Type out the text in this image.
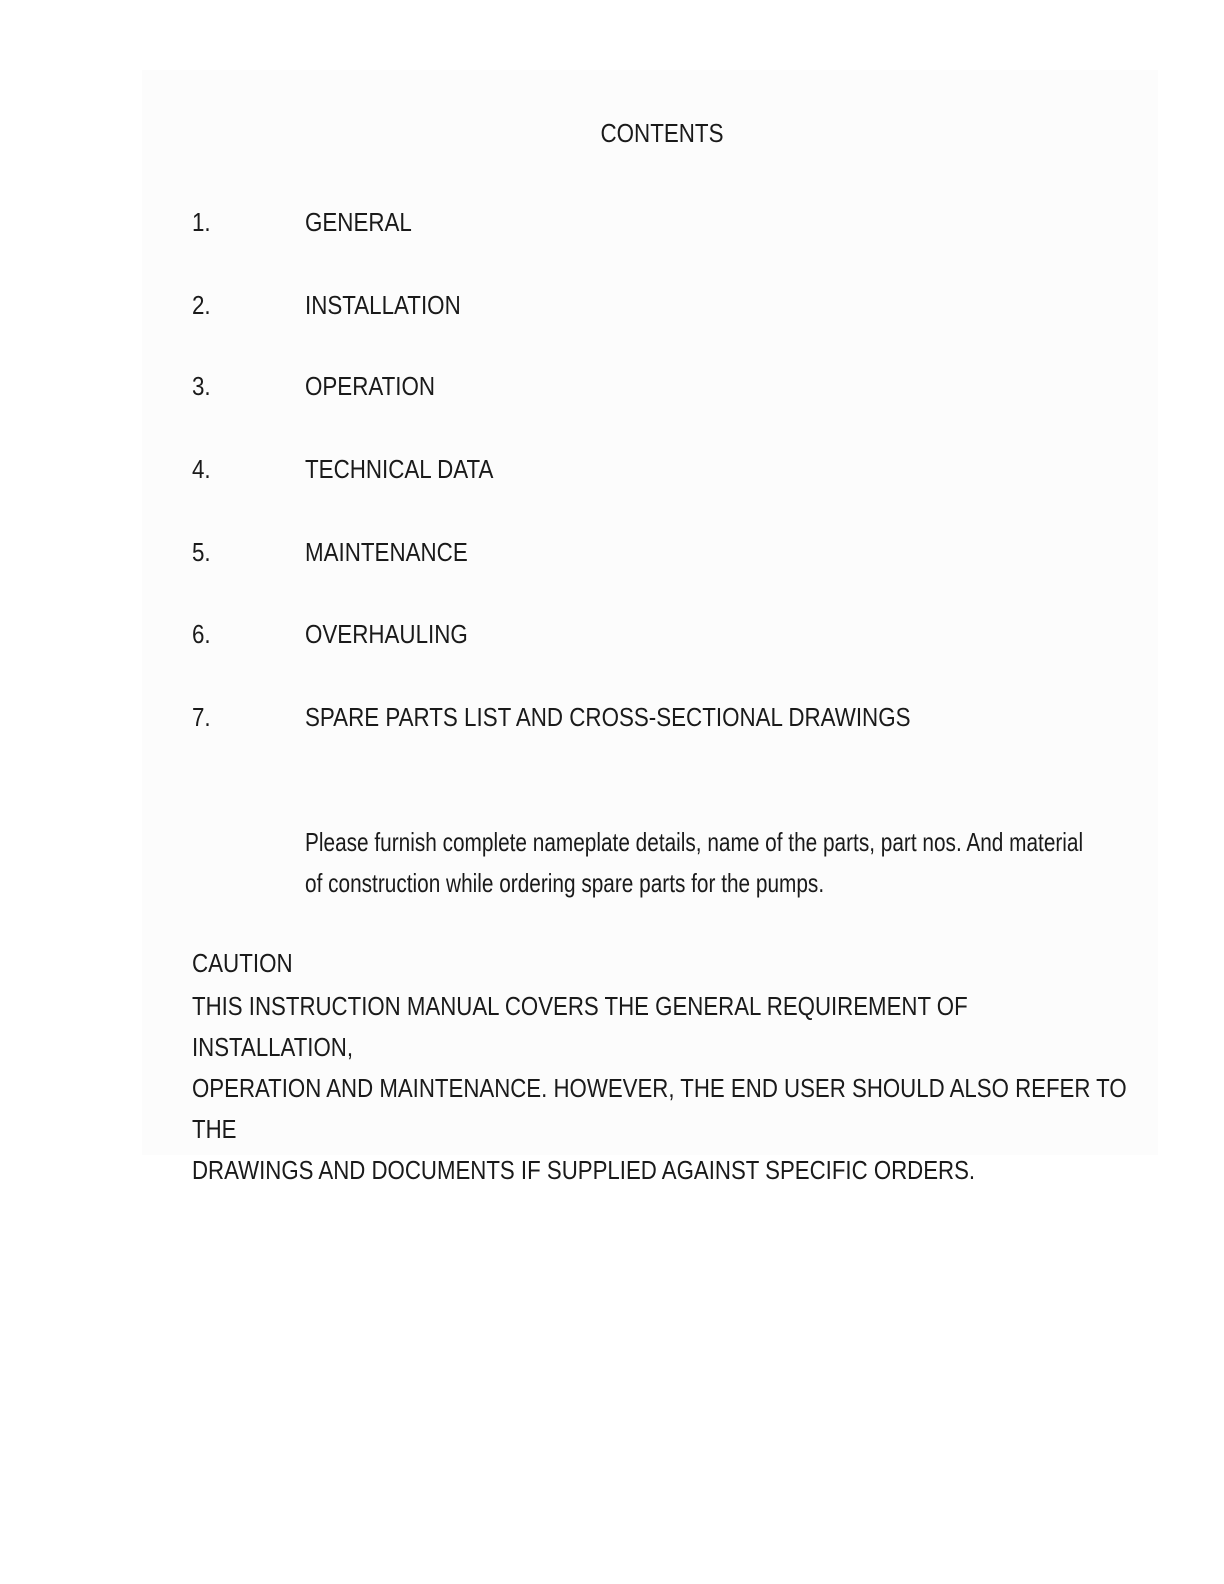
CONTENTS
1.	GENERAL
2.	INSTALLATION
3.	OPERATION
4.	TECHNICAL DATA
5.	MAINTENANCE
6.	OVERHAULING
7.	SPARE PARTS LIST AND CROSS-SECTIONAL DRAWINGS

Please furnish complete nameplate details, name of the parts, part nos. And material
of construction while ordering spare parts for the pumps.

CAUTION

THIS INSTRUCTION MANUAL COVERS THE GENERAL REQUIREMENT OF INSTALLATION,
OPERATION AND MAINTENANCE. HOWEVER, THE END USER SHOULD ALSO REFER TO THE
DRAWINGS AND DOCUMENTS IF SUPPLIED AGAINST SPECIFIC ORDERS.
